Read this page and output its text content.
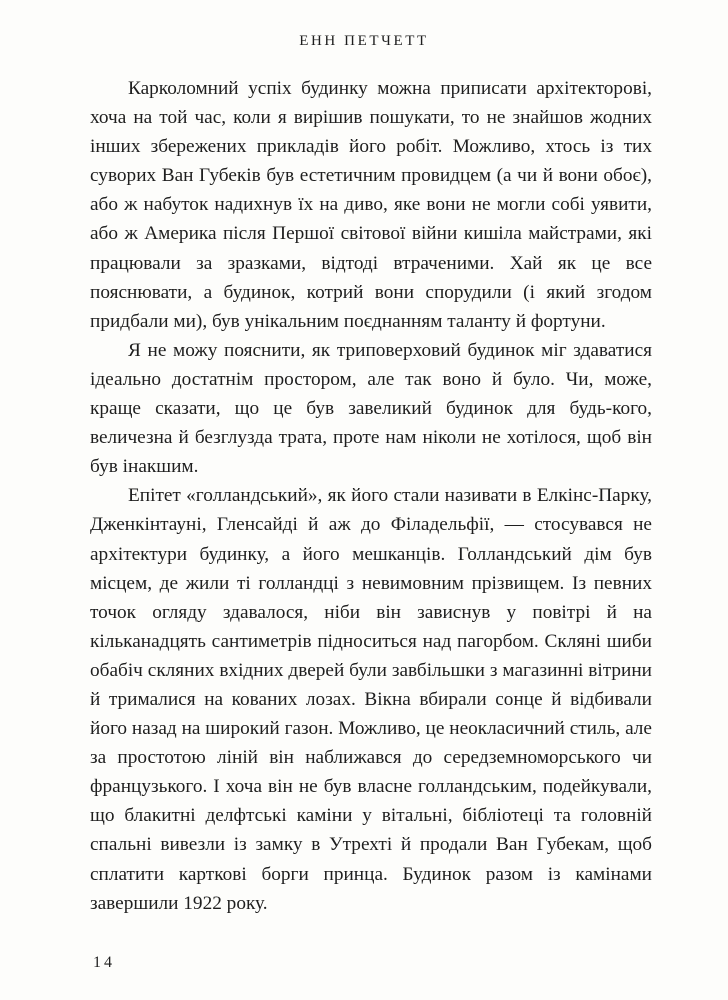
ЕНН ПЕТЧЕТТ

Карколомний успіх будинку можна приписати архітекторові, хоча на той час, коли я вирішив пошукати, то не знайшов жодних інших збережених прикладів його робіт. Можливо, хтось із тих суворих Ван Губеків був естетичним провидцем (а чи й вони обоє), або ж набуток надихнув їх на диво, яке вони не могли собі уявити, або ж Америка після Першої світової війни кишіла майстрами, які працювали за зразками, відтоді втраченими. Хай як це все пояснювати, а будинок, котрий вони спорудили (і який згодом придбали ми), був унікальним поєднанням таланту й фортуни.

Я не можу пояснити, як триповерховий будинок міг здаватися ідеально достатнім простором, але так воно й було. Чи, може, краще сказати, що це був завеликий будинок для будь-кого, величезна й безглузда трата, проте нам ніколи не хотілося, щоб він був інакшим.

Епітет «голландський», як його стали називати в Елкінс-Парку, Дженкінтауні, Гленсайді й аж до Філадельфії, — стосувався не архітектури будинку, а його мешканців. Голландський дім був місцем, де жили ті голландці з невимовним прізвищем. Із певних точок огляду здавалося, ніби він зависнув у повітрі й на кільканадцять сантиметрів підноситься над пагорбом. Скляні шиби обабіч скляних вхідних дверей були завбільшки з магазинні вітрини й трималися на кованих лозах. Вікна вбирали сонце й відбивали його назад на широкий газон. Можливо, це неокласичний стиль, але за простотою ліній він наближався до середземноморського чи французького. І хоча він не був власне голландським, подейкували, що блакитні делфтські каміни у вітальні, бібліотеці та головній спальні вивезли із замку в Утрехті й продали Ван Губекам, щоб сплатити карткові борги принца. Будинок разом із камінами завершили 1922 року.

14
